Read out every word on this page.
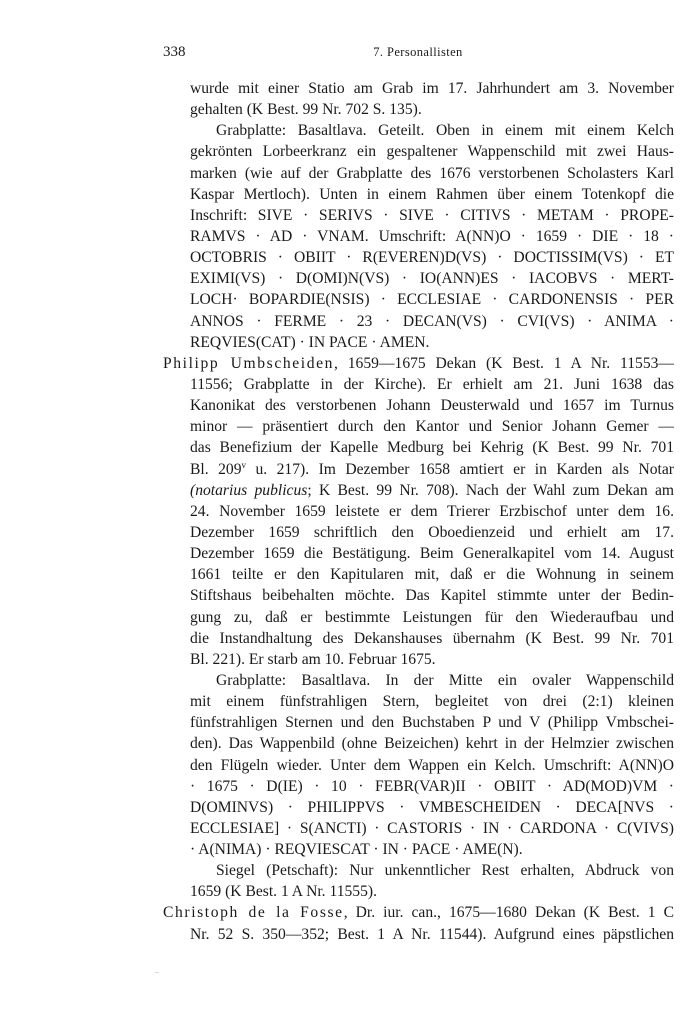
338	7. Personallisten
wurde mit einer Statio am Grab im 17. Jahrhundert am 3. November
gehalten (K Best. 99 Nr. 702 S. 135).
Grabplatte: Basaltlava. Geteilt. Oben in einem mit einem Kelch
gekrönten Lorbeerkranz ein gespaltener Wappenschild mit zwei Haus-
marken (wie auf der Grabplatte des 1676 verstorbenen Scholasters Karl
Kaspar Mertloch). Unten in einem Rahmen über einem Totenkopf die
Inschrift: SIVE · SERIVS · SIVE · CITIVS · METAM · PROPE-
RAMVS · AD · VNAM. Umschrift: A(NN)O · 1659 · DIE · 18 ·
OCTOBRIS · OBIIT · R(EVEREN)D(VS) · DOCTISSIM(VS) · ET
EXIMI(VS) · D(OMI)N(VS) · IO(ANN)ES · IACOBVS · MERT-
LOCH· BOPARDIE(NSIS) · ECCLESIAE · CARDONENSIS · PER
ANNOS · FERME · 23 · DECAN(VS) · CVI(VS) · ANIMA ·
REQVIES(CAT) · IN PACE · AMEN.
Philipp Umbscheiden, 1659—1675 Dekan (K Best. 1 A Nr. 11553—
11556; Grabplatte in der Kirche). Er erhielt am 21. Juni 1638 das
Kanonikat des verstorbenen Johann Deusterwald und 1657 im Turnus
minor — präsentiert durch den Kantor und Senior Johann Gemer —
das Benefizium der Kapelle Medburg bei Kehrig (K Best. 99 Nr. 701
Bl. 209$^v$ u. 217). Im Dezember 1658 amtiert er in Karden als Notar
(notarius publicus; K Best. 99 Nr. 708). Nach der Wahl zum Dekan am
24. November 1659 leistete er dem Trierer Erzbischof unter dem 16.
Dezember 1659 schriftlich den Oboedienzeid und erhielt am 17.
Dezember 1659 die Bestätigung. Beim Generalkapitel vom 14. August
1661 teilte er den Kapitularen mit, daß er die Wohnung in seinem
Stiftshaus beibehalten möchte. Das Kapitel stimmte unter der Bedin-
gung zu, daß er bestimmte Leistungen für den Wiederaufbau und
die Instandhaltung des Dekanshauses übernahm (K Best. 99 Nr. 701
Bl. 221). Er starb am 10. Februar 1675.
Grabplatte: Basaltlava. In der Mitte ein ovaler Wappenschild
mit einem fünfstrahligen Stern, begleitet von drei (2:1) kleinen
fünfstrahligen Sternen und den Buchstaben P und V (Philipp Vmbschei-
den). Das Wappenbild (ohne Beizeichen) kehrt in der Helmzier zwischen
den Flügeln wieder. Unter dem Wappen ein Kelch. Umschrift: A(NN)O
· 1675 · D(IE) · 10 · FEBR(VAR)II · OBIIT · AD(MOD)VM ·
D(OMINVS) · PHILIPPVS · VMBESCHEIDEN · DECA[NVS ·
ECCLESIAE] · S(ANCTI) · CASTORIS · IN · CARDONA · C(VIVS)
· A(NIMA) · REQVIESCAT · IN · PACE · AME(N).
Siegel (Petschaft): Nur unkenntlicher Rest erhalten, Abdruck von
1659 (K Best. 1 A Nr. 11555).
Christoph de la Fosse, Dr. iur. can., 1675—1680 Dekan (K Best. 1 C
Nr. 52 S. 350—352; Best. 1 A Nr. 11544). Aufgrund eines päpstlichen
